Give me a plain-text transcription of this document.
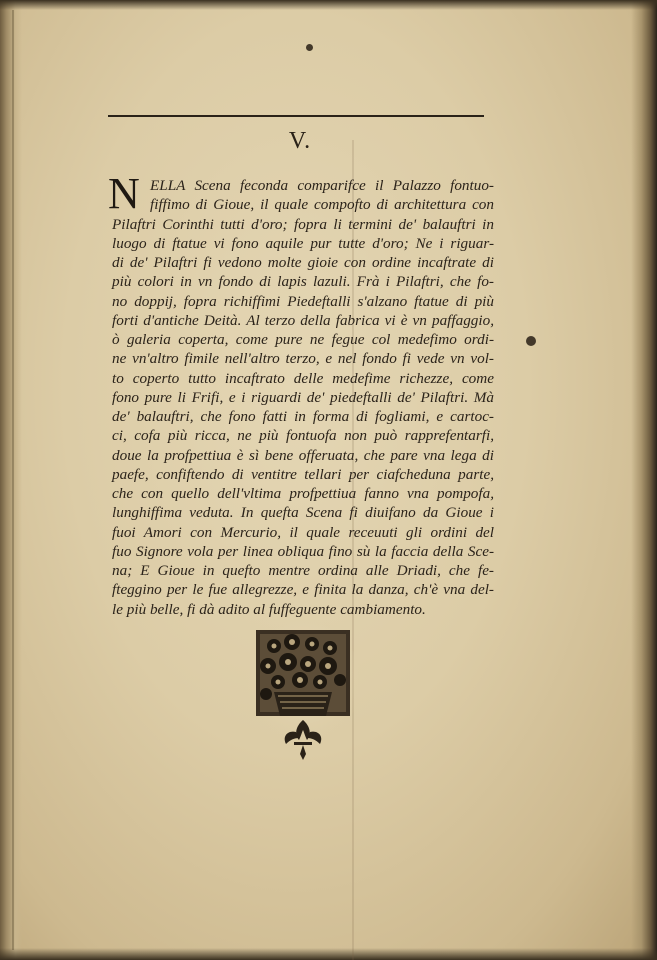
V.
N ELLA Scena feconda comparifce il Palazzo fontuo-
fiffimo di Gioue, il quale compofto di architettura con
Pilaftri Corinthi tutti d'oro; fopra li termini de' balauftri in
luogo di ftatue vi fono aquile pur tutte d'oro; Ne i riguar-
di de' Pilaftri fi vedono molte gioie con ordine incaftrate di
più colori in vn fondo di lapis lazuli. Frà i Pilaftri, che fo-
no doppij, fopra richiffimi Piedeftalli s'alzano ftatue di più
forti d'antiche Deità. Al terzo della fabrica vi è vn paffaggio,
ò galeria coperta, come pure ne fegue col medefimo ordi-
ne vn'altro fimile nell'altro terzo, e nel fondo fi vede vn vol-
to coperto tutto incaftrato delle medefime richezze, come
fono pure li Frifi, e i riguardi de' piedeftalli de' Pilaftri. Mà
de' balauftri, che fono fatti in forma di fogliami, e cartoc-
ci, cofa più ricca, ne più fontuofa non può rapprefentarfi,
doue la profpettiua è sì bene offeruata, che pare vna lega di
paefe, confiftendo di ventitre tellari per ciafcheduna parte,
che con quello dell'vltima profpettiua fanno vna pompofa,
lunghiffima veduta. In quefta Scena fi diuifano da Gioue i
fuoi Amori con Mercurio, il quale receuuti gli ordini del
fuo Signore vola per linea obliqua fino sù la faccia della Sce-
na; E Gioue in quefto mentre ordina alle Driadi, che fe-
fteggino per le fue allegrezze, e finita la danza, ch'è vna del-
le più belle, fi dà adito al fuffeguente cambiamento.
